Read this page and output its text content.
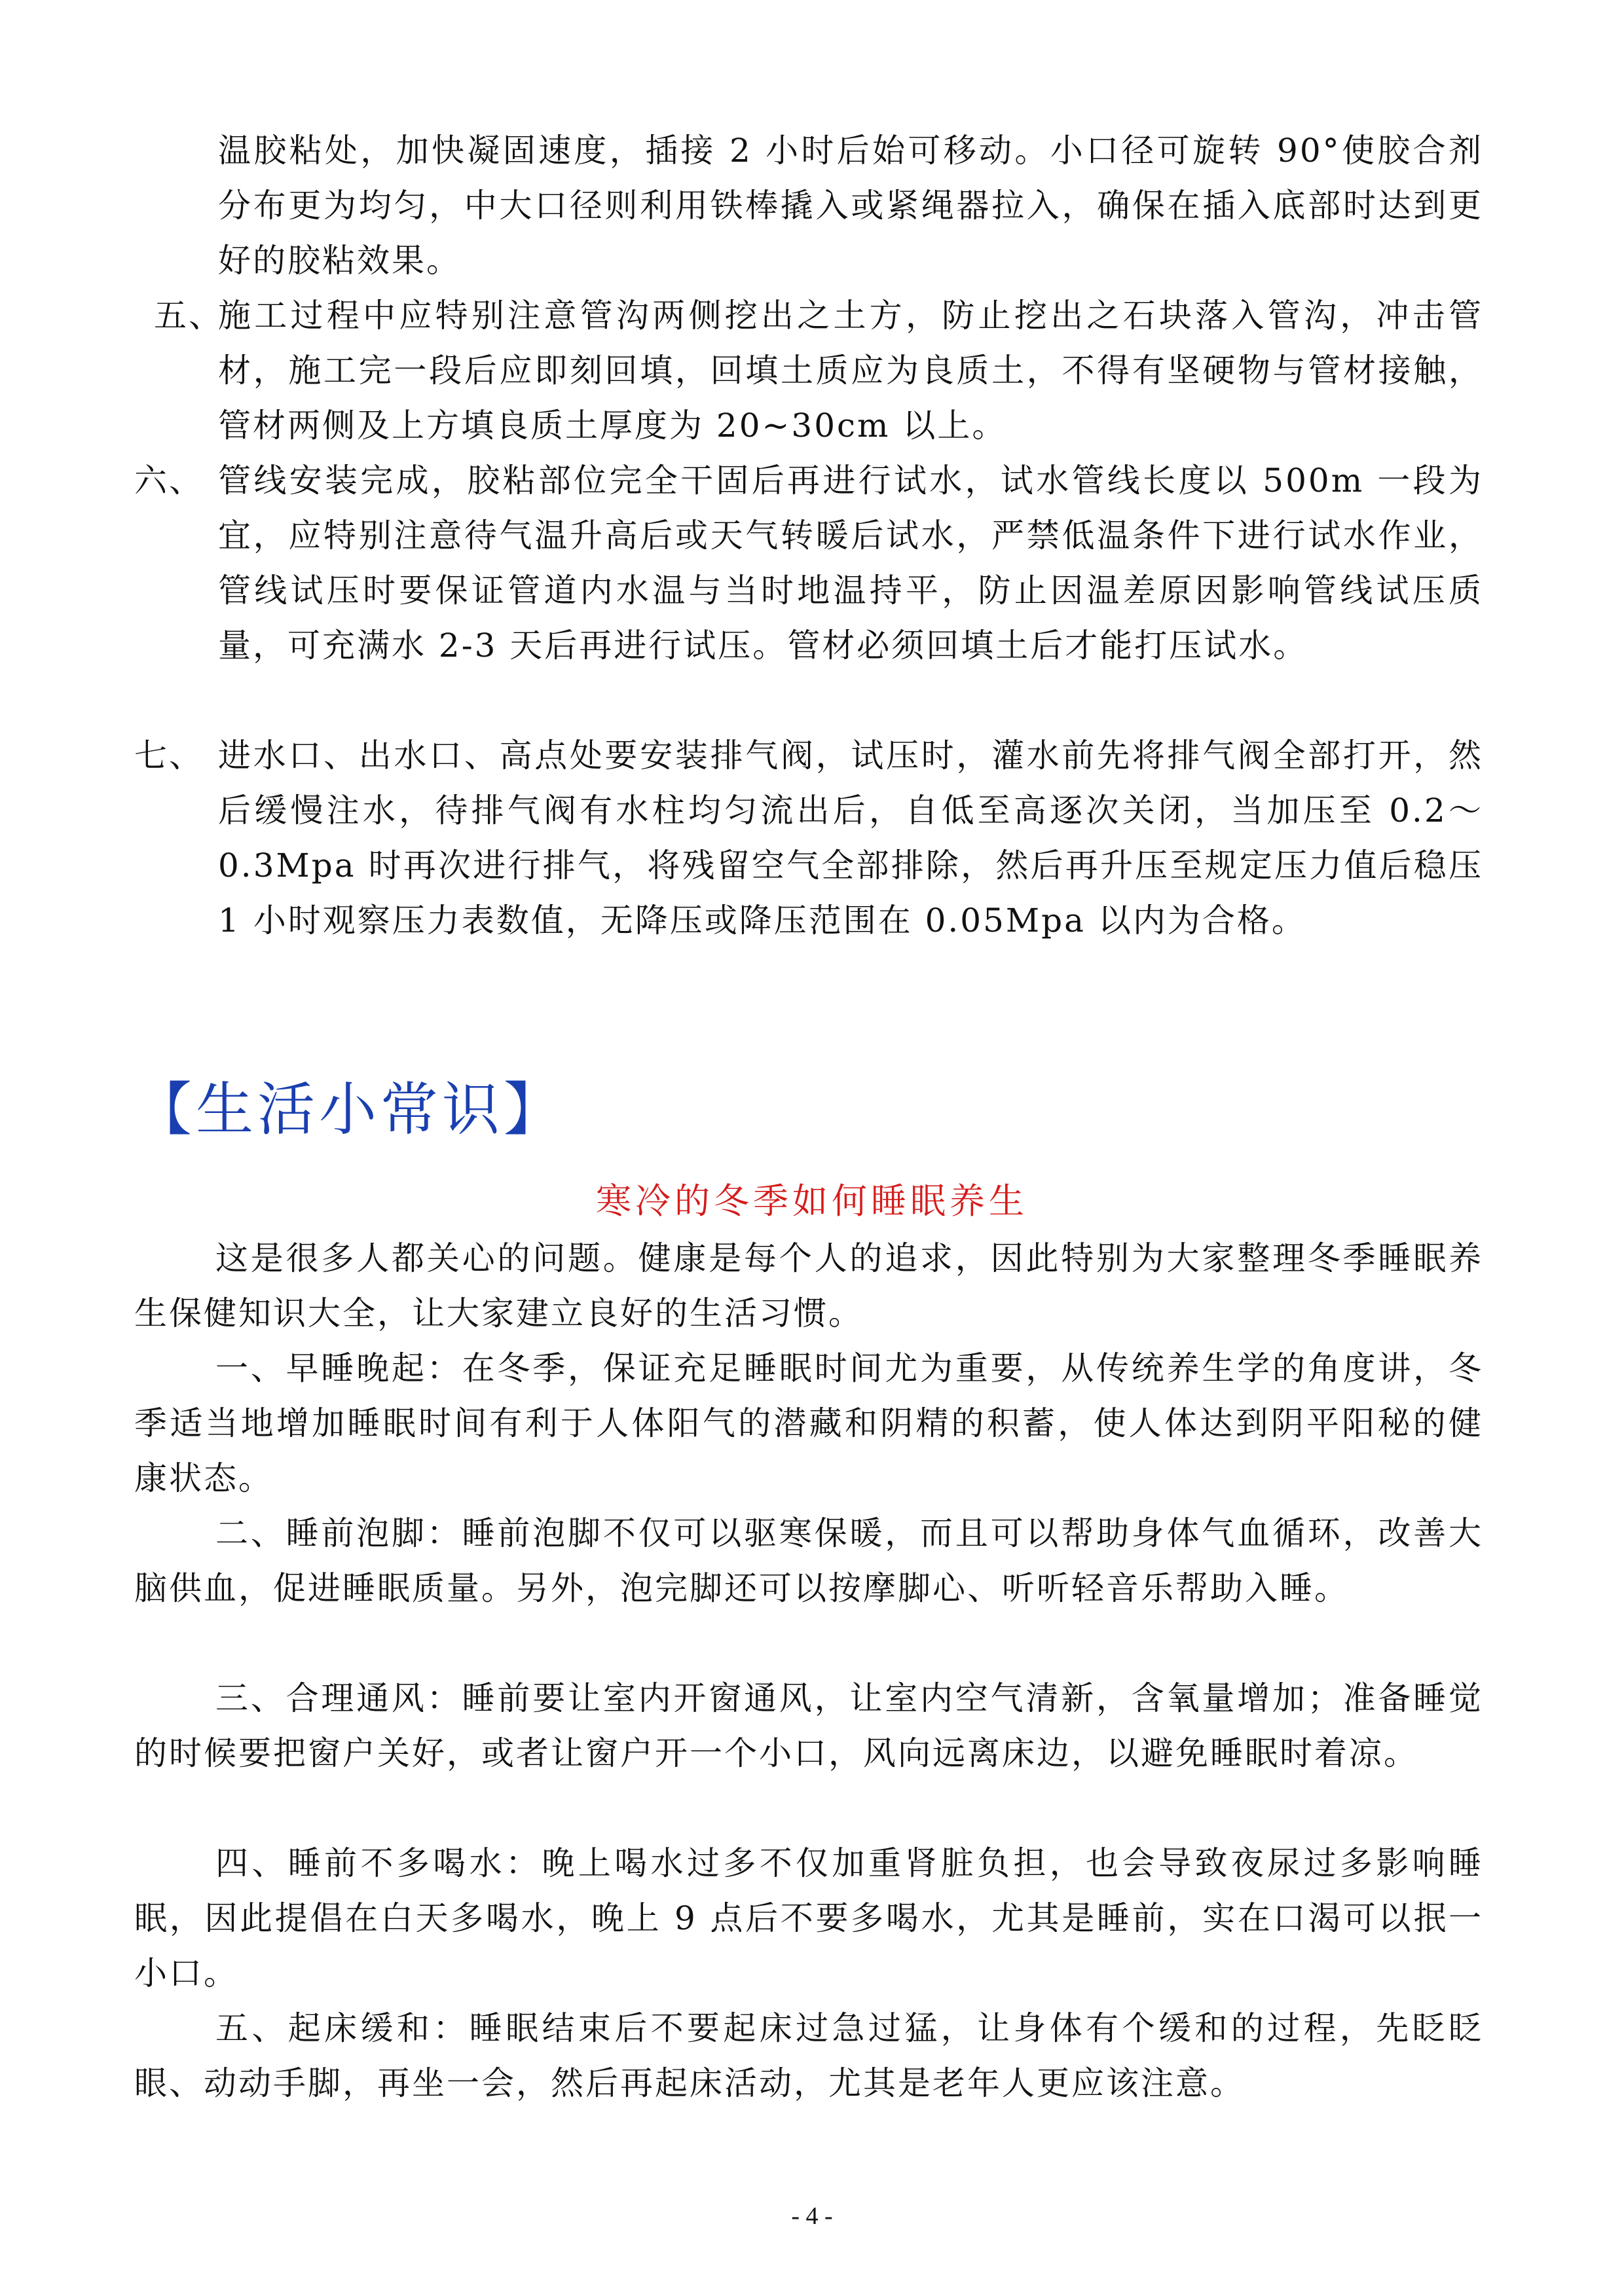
温胶粘处，加快凝固速度，插接 2 小时后始可移动。小口径可旋转 90°使胶合剂分布更为均匀，中大口径则利用铁棒撬入或紧绳器拉入，确保在插入底部时达到更好的胶粘效果。
五、
施工过程中应特别注意管沟两侧挖出之土方，防止挖出之石块落入管沟，冲击管材，施工完一段后应即刻回填，回填土质应为良质土，不得有坚硬物与管材接触，管材两侧及上方填良质土厚度为 20~30cm 以上。
六、 管线安装完成，胶粘部位完全干固后再进行试水，试水管线长度以 500m 一段为宜，应特别注意待气温升高后或天气转暖后试水，严禁低温条件下进行试水作业，管线试压时要保证管道内水温与当时地温持平，防止因温差原因影响管线试压质量，可充满水 2-3 天后再进行试压。管材必须回填土后才能打压试水。
七、 进水口、出水口、高点处要安装排气阀，试压时，灌水前先将排气阀全部打开，然后缓慢注水，待排气阀有水柱均匀流出后，自低至高逐次关闭，当加压至 0.2～0.3Mpa 时再次进行排气，将残留空气全部排除，然后再升压至规定压力值后稳压 1 小时观察压力表数值，无降压或降压范围在 0.05Mpa 以内为合格。
【生活小常识】
寒冷的冬季如何睡眠养生
这是很多人都关心的问题。健康是每个人的追求，因此特别为大家整理冬季睡眠养生保健知识大全，让大家建立良好的生活习惯。
一、早睡晚起：在冬季，保证充足睡眠时间尤为重要，从传统养生学的角度讲，冬季适当地增加睡眠时间有利于人体阳气的潜藏和阴精的积蓄，使人体达到阴平阳秘的健康状态。
二、睡前泡脚：睡前泡脚不仅可以驱寒保暖，而且可以帮助身体气血循环，改善大脑供血，促进睡眠质量。另外，泡完脚还可以按摩脚心、听听轻音乐帮助入睡。
三、合理通风：睡前要让室内开窗通风，让室内空气清新，含氧量增加；准备睡觉的时候要把窗户关好，或者让窗户开一个小口，风向远离床边，以避免睡眠时着凉。
四、睡前不多喝水：晚上喝水过多不仅加重肾脏负担，也会导致夜尿过多影响睡眠，因此提倡在白天多喝水，晚上 9 点后不要多喝水，尤其是睡前，实在口渴可以抿一小口。
五、起床缓和：睡眠结束后不要起床过急过猛，让身体有个缓和的过程，先眨眨眼、动动手脚，再坐一会，然后再起床活动，尤其是老年人更应该注意。
- 4 -
